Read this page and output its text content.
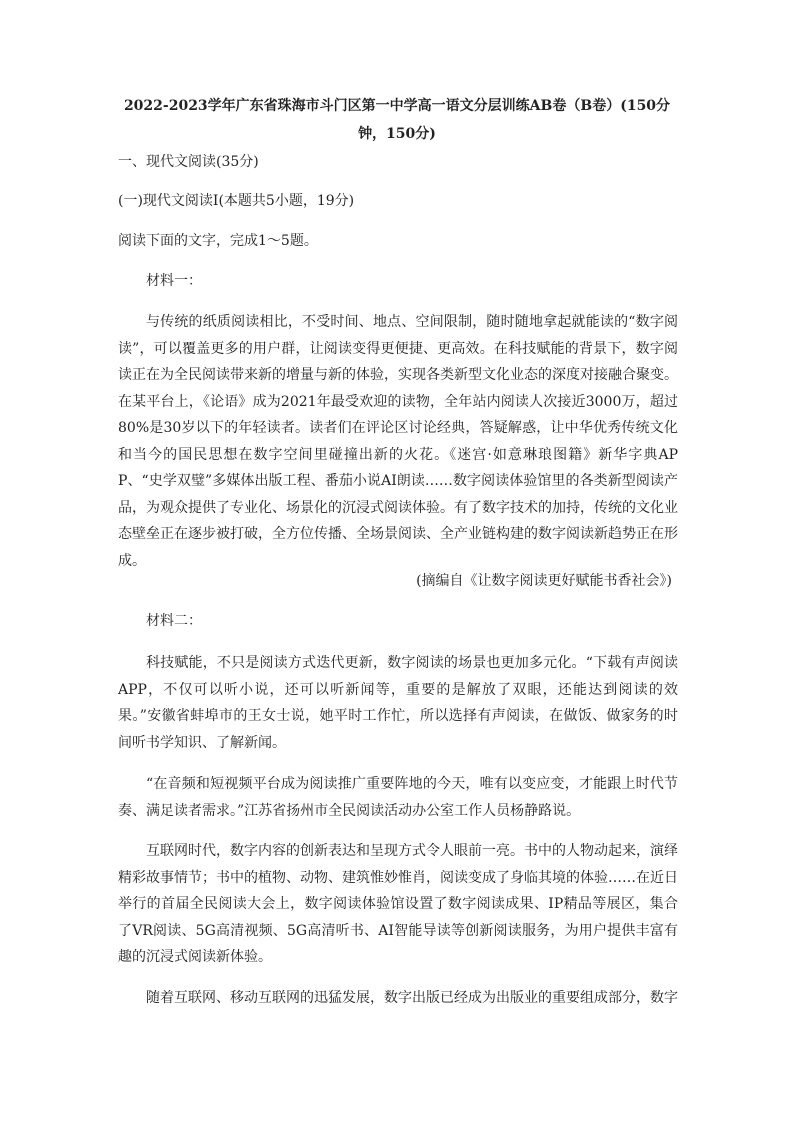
2022-2023学年广东省珠海市斗门区第一中学高一语文分层训练AB卷（B卷）(150分钟，150分)
一、现代文阅读(35分)
(一)现代文阅读Ⅰ(本题共5小题，19分)
阅读下面的文字，完成1～5题。
材料一：
与传统的纸质阅读相比，不受时间、地点、空间限制，随时随地拿起就能读的“数字阅读”，可以覆盖更多的用户群，让阅读变得更便捷、更高效。在科技赋能的背景下，数字阅读正在为全民阅读带来新的增量与新的体验，实现各类新型文化业态的深度对接融合聚变。在某平台上，《论语》成为2021年最受欢迎的读物，全年站内阅读人次接近3000万，超过80%是30岁以下的年轻读者。读者们在评论区讨论经典，答疑解惑，让中华优秀传统文化和当今的国民思想在数字空间里碰撞出新的火花。《迷宫·如意琳琅图籍》新华字典APP、“史学双璧”多媒体出版工程、番茄小说AI朗读……数字阅读体验馆里的各类新型阅读产品，为观众提供了专业化、场景化的沉浸式阅读体验。有了数字技术的加持，传统的文化业态壁垒正在逐步被打破，全方位传播、全场景阅读、全产业链构建的数字阅读新趋势正在形成。
(摘编自《让数字阅读更好赋能书香社会》)
材料二：
科技赋能，不只是阅读方式迭代更新，数字阅读的场景也更加多元化。“下载有声阅读APP，不仅可以听小说，还可以听新闻等，重要的是解放了双眼，还能达到阅读的效果。”安徽省蚌埠市的王女士说，她平时工作忙，所以选择有声阅读，在做饭、做家务的时间听书学知识、了解新闻。
“在音频和短视频平台成为阅读推广重要阵地的今天，唯有以变应变，才能跟上时代节奏、满足读者需求。”江苏省扬州市全民阅读活动办公室工作人员杨静路说。
互联网时代，数字内容的创新表达和呈现方式令人眼前一亮。书中的人物动起来，演绎精彩故事情节；书中的植物、动物、建筑惟妙惟肖，阅读变成了身临其境的体验……在近日举行的首届全民阅读大会上，数字阅读体验馆设置了数字阅读成果、IP精品等展区，集合了VR阅读、5G高清视频、5G高清听书、AI智能导读等创新阅读服务，为用户提供丰富有趣的沉浸式阅读新体验。
随着互联网、移动互联网的迅猛发展，数字出版已经成为出版业的重要组成部分，数字
